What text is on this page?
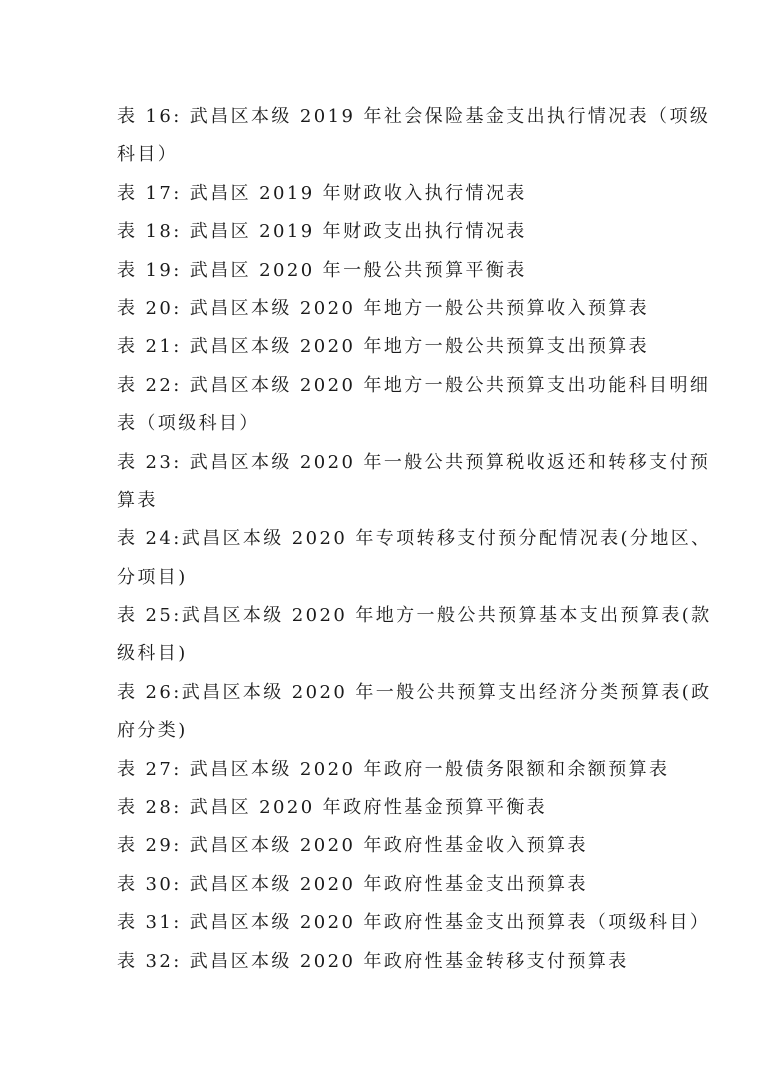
表 16: 武昌区本级 2019 年社会保险基金支出执行情况表（项级
科目）
表 17: 武昌区 2019 年财政收入执行情况表
表 18: 武昌区 2019 年财政支出执行情况表
表 19: 武昌区 2020 年一般公共预算平衡表
表 20: 武昌区本级 2020 年地方一般公共预算收入预算表
表 21: 武昌区本级 2020 年地方一般公共预算支出预算表
表 22: 武昌区本级 2020 年地方一般公共预算支出功能科目明细
表（项级科目）
表 23: 武昌区本级 2020 年一般公共预算税收返还和转移支付预
算表
表 24:武昌区本级 2020 年专项转移支付预分配情况表(分地区、
分项目)
表 25:武昌区本级 2020 年地方一般公共预算基本支出预算表(款
级科目)
表 26:武昌区本级 2020 年一般公共预算支出经济分类预算表(政
府分类)
表 27: 武昌区本级 2020 年政府一般债务限额和余额预算表
表 28: 武昌区 2020 年政府性基金预算平衡表
表 29: 武昌区本级 2020 年政府性基金收入预算表
表 30: 武昌区本级 2020 年政府性基金支出预算表
表 31: 武昌区本级 2020 年政府性基金支出预算表（项级科目）
表 32: 武昌区本级 2020 年政府性基金转移支付预算表
